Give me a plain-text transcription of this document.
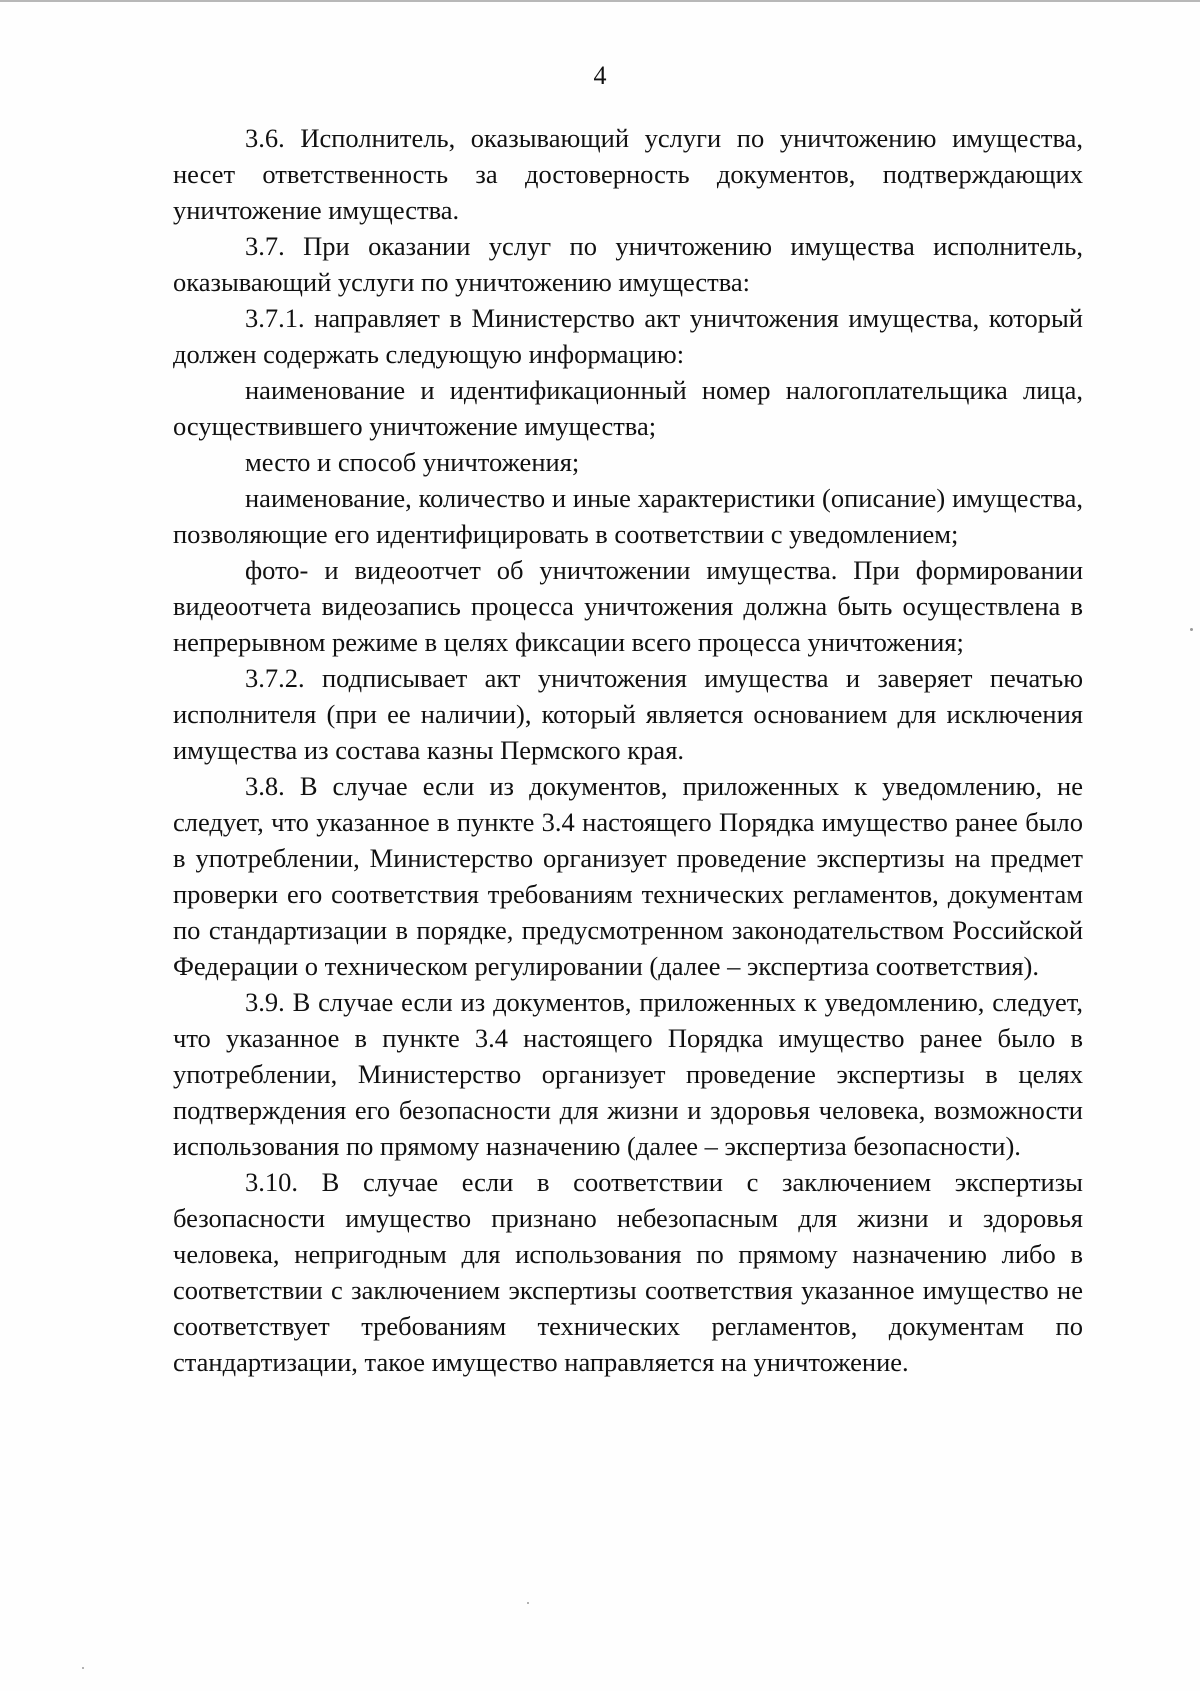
4

3.6. Исполнитель, оказывающий услуги по уничтожению имущества, несет ответственность за достоверность документов, подтверждающих уничтожение имущества.

3.7. При оказании услуг по уничтожению имущества исполнитель, оказывающий услуги по уничтожению имущества:

3.7.1. направляет в Министерство акт уничтожения имущества, который должен содержать следующую информацию:

наименование и идентификационный номер налогоплательщика лица, осуществившего уничтожение имущества;

место и способ уничтожения;

наименование, количество и иные характеристики (описание) имущества, позволяющие его идентифицировать в соответствии с уведомлением;

фото- и видеоотчет об уничтожении имущества. При формировании видеоотчета видеозапись процесса уничтожения должна быть осуществлена в непрерывном режиме в целях фиксации всего процесса уничтожения;

3.7.2. подписывает акт уничтожения имущества и заверяет печатью исполнителя (при ее наличии), который является основанием для исключения имущества из состава казны Пермского края.

3.8. В случае если из документов, приложенных к уведомлению, не следует, что указанное в пункте 3.4 настоящего Порядка имущество ранее было в употреблении, Министерство организует проведение экспертизы на предмет проверки его соответствия требованиям технических регламентов, документам по стандартизации в порядке, предусмотренном законодательством Российской Федерации о техническом регулировании (далее – экспертиза соответствия).

3.9. В случае если из документов, приложенных к уведомлению, следует, что указанное в пункте 3.4 настоящего Порядка имущество ранее было в употреблении, Министерство организует проведение экспертизы в целях подтверждения его безопасности для жизни и здоровья человека, возможности использования по прямому назначению (далее – экспертиза безопасности).

3.10. В случае если в соответствии с заключением экспертизы безопасности имущество признано небезопасным для жизни и здоровья человека, непригодным для использования по прямому назначению либо в соответствии с заключением экспертизы соответствия указанное имущество не соответствует требованиям технических регламентов, документам по стандартизации, такое имущество направляется на уничтожение.
